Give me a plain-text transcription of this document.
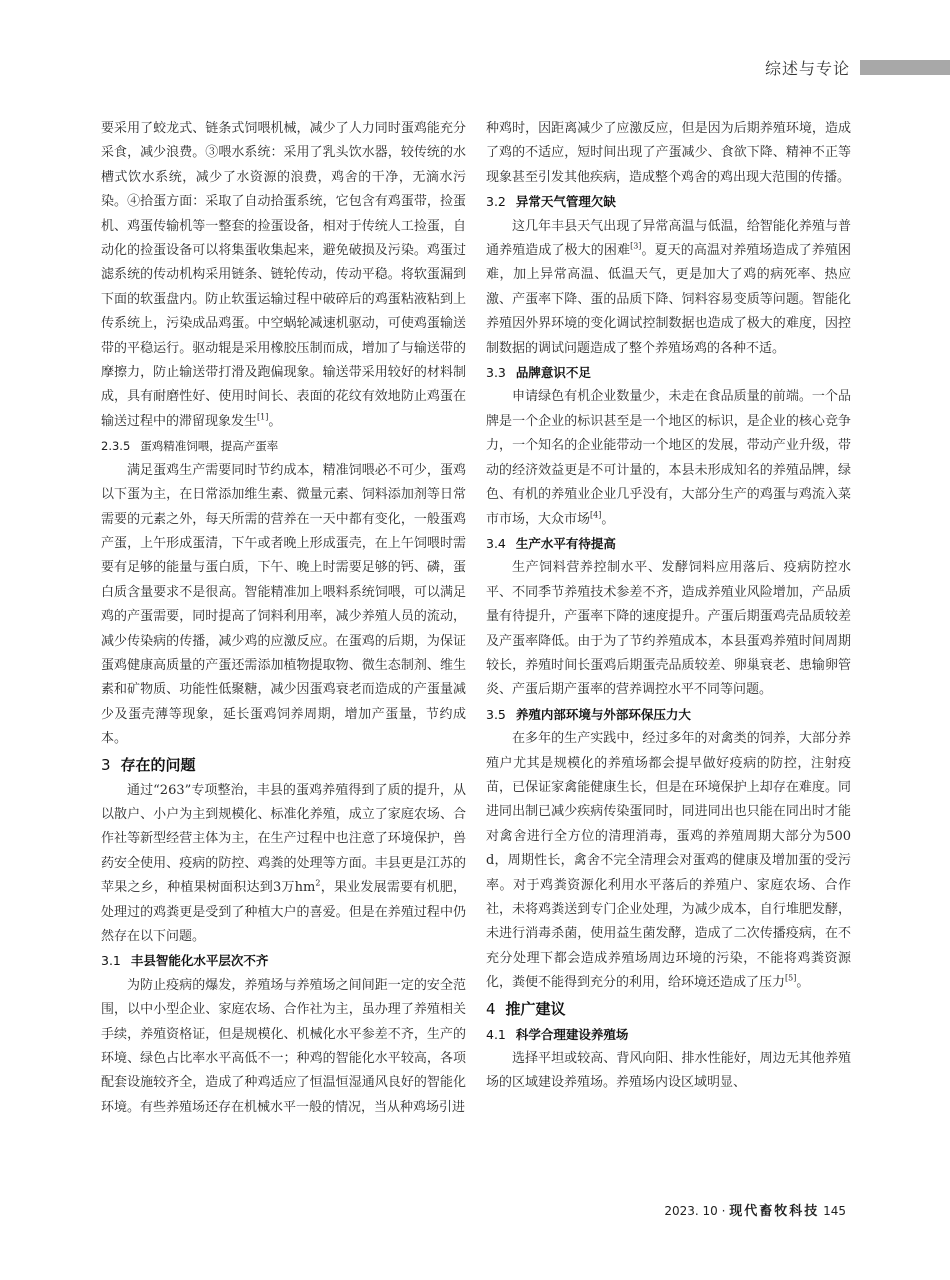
综述与专论

要采用了蛟龙式、链条式饲喂机械，减少了人力同时蛋鸡能充分采食，减少浪费。③喂水系统：采用了乳头饮水器，较传统的水槽式饮水系统，减少了水资源的浪费，鸡舍的干净，无滴水污染。④拾蛋方面：采取了自动拾蛋系统，它包含有鸡蛋带，捡蛋机、鸡蛋传输机等一整套的捡蛋设备，相对于传统人工捡蛋，自动化的捡蛋设备可以将集蛋收集起来，避免破损及污染。鸡蛋过滤系统的传动机构采用链条、链轮传动，传动平稳。将软蛋漏到下面的软蛋盘内。防止软蛋运输过程中破碎后的鸡蛋粘液粘到上传系统上，污染成品鸡蛋。中空蜗轮减速机驱动，可使鸡蛋输送带的平稳运行。驱动辊是采用橡胶压制而成，增加了与输送带的摩擦力，防止输送带打滑及跑偏现象。输送带采用较好的材料制成，具有耐磨性好、使用时间长、表面的花纹有效地防止鸡蛋在输送过程中的滞留现象发生[1]。

2.3.5 蛋鸡精准饲喂，提高产蛋率

满足蛋鸡生产需要同时节约成本，精准饲喂必不可少，蛋鸡以下蛋为主，在日常添加维生素、微量元素、饲料添加剂等日常需要的元素之外，每天所需的营养在一天中都有变化，一般蛋鸡产蛋，上午形成蛋清，下午或者晚上形成蛋壳，在上午饲喂时需要有足够的能量与蛋白质，下午、晚上时需要足够的钙、磷，蛋白质含量要求不是很高。智能精准加上喂料系统饲喂，可以满足鸡的产蛋需要，同时提高了饲料利用率，减少养殖人员的流动，减少传染病的传播，减少鸡的应激反应。在蛋鸡的后期，为保证蛋鸡健康高质量的产蛋还需添加植物提取物、微生态制剂、维生素和矿物质、功能性低聚糖，减少因蛋鸡衰老而造成的产蛋量减少及蛋壳薄等现象，延长蛋鸡饲养周期，增加产蛋量，节约成本。

3 存在的问题

通过“263”专项整治，丰县的蛋鸡养殖得到了质的提升，从以散户、小户为主到规模化、标准化养殖，成立了家庭农场、合作社等新型经营主体为主，在生产过程中也注意了环境保护，兽药安全使用、疫病的防控、鸡粪的处理等方面。丰县更是江苏的苹果之乡，种植果树面积达到3万$hm^2$，果业发展需要有机肥，处理过的鸡粪更是受到了种植大户的喜爱。但是在养殖过程中仍然存在以下问题。

3.1 丰县智能化水平层次不齐

为防止疫病的爆发，养殖场与养殖场之间间距一定的安全范围，以中小型企业、家庭农场、合作社为主，虽办理了养殖相关手续，养殖资格证，但是规模化、机械化水平参差不齐，生产的环境、绿色占比率水平高低不一；种鸡的智能化水平较高，各项配套设施较齐全，造成了种鸡适应了恒温恒湿通风良好的智能化环境。有些养殖场还存在机械水平一般的情况，当从种鸡场引进

种鸡时，因距离减少了应激反应，但是因为后期养殖环境，造成了鸡的不适应，短时间出现了产蛋减少、食欲下降、精神不正等现象甚至引发其他疾病，造成整个鸡舍的鸡出现大范围的传播。

3.2 异常天气管理欠缺

这几年丰县天气出现了异常高温与低温，给智能化养殖与普通养殖造成了极大的困难[3]。夏天的高温对养殖场造成了养殖困难，加上异常高温、低温天气，更是加大了鸡的病死率、热应激、产蛋率下降、蛋的品质下降、饲料容易变质等问题。智能化养殖因外界环境的变化调试控制数据也造成了极大的难度，因控制数据的调试问题造成了整个养殖场鸡的各种不适。

3.3 品牌意识不足

申请绿色有机企业数量少，未走在食品质量的前端。一个品牌是一个企业的标识甚至是一个地区的标识，是企业的核心竞争力，一个知名的企业能带动一个地区的发展，带动产业升级，带动的经济效益更是不可计量的，本县未形成知名的养殖品牌，绿色、有机的养殖业企业几乎没有，大部分生产的鸡蛋与鸡流入菜市市场，大众市场[4]。

3.4 生产水平有待提高

生产饲料营养控制水平、发酵饲料应用落后、疫病防控水平、不同季节养殖技术参差不齐，造成养殖业风险增加，产品质量有待提升，产蛋率下降的速度提升。产蛋后期蛋鸡壳品质较差及产蛋率降低。由于为了节约养殖成本，本县蛋鸡养殖时间周期较长，养殖时间长蛋鸡后期蛋壳品质较差、卵巢衰老、患输卵管炎、产蛋后期产蛋率的营养调控水平不同等问题。

3.5 养殖内部环境与外部环保压力大

在多年的生产实践中，经过多年的对禽类的饲养，大部分养殖户尤其是规模化的养殖场都会提早做好疫病的防控，注射疫苗，已保证家禽能健康生长，但是在环境保护上却存在难度。同进同出制已减少疾病传染蛋同时，同进同出也只能在同出时才能对禽舍进行全方位的清理消毒，蛋鸡的养殖周期大部分为500 d，周期性长，禽舍不完全清理会对蛋鸡的健康及增加蛋的受污率。对于鸡粪资源化利用水平落后的养殖户、家庭农场、合作社，未将鸡粪送到专门企业处理，为减少成本，自行堆肥发酵，未进行消毒杀菌，使用益生菌发酵，造成了二次传播疫病，在不充分处理下都会造成养殖场周边环境的污染，不能将鸡粪资源化，粪便不能得到充分的利用，给环境还造成了压力[5]。

4 推广建议
4.1 科学合理建设养殖场

选择平坦或较高、背风向阳、排水性能好，周边无其他养殖场的区域建设养殖场。养殖场内设区域明显、

2023. 10 · 现代畜牧科技 145
